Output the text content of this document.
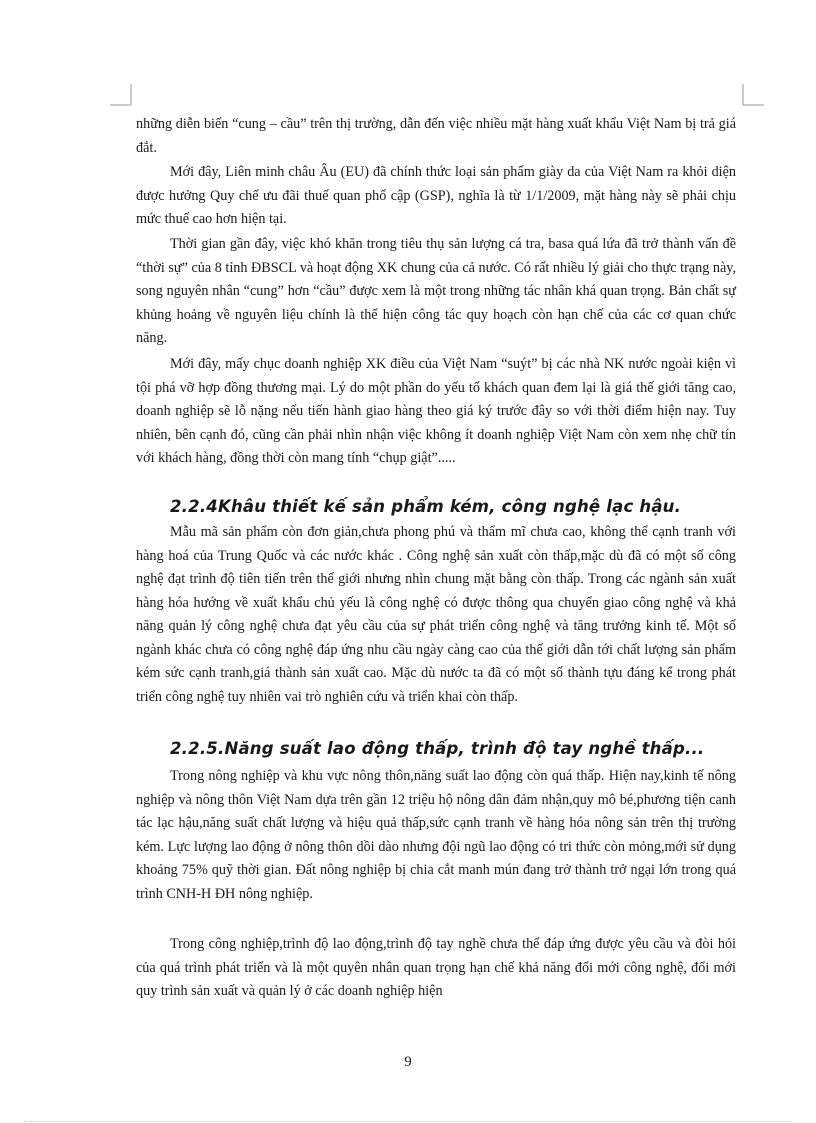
những diễn biến “cung – cầu” trên thị trường, dẫn đến việc nhiều mặt hàng xuất khẩu Việt Nam bị trả giá đắt.

Mới đây, Liên minh châu Âu (EU) đã chính thức loại sản phẩm giày da của Việt Nam ra khỏi diện được hưởng Quy chế ưu đãi thuế quan phổ cập (GSP), nghĩa là từ 1/1/2009, mặt hàng này sẽ phải chịu mức thuế cao hơn hiện tại.

Thời gian gần đây, việc khó khăn trong tiêu thụ sản lượng cá tra, basa quá lứa đã trở thành vấn đề “thời sự” của 8 tỉnh ĐBSCL và hoạt động XK chung của cả nước. Có rất nhiều lý giải cho thực trạng này, song nguyên nhân “cung” hơn “cầu” được xem là một trong những tác nhân khá quan trọng. Bản chất sự khủng hoảng về nguyên liệu chính là thể hiện công tác quy hoạch còn hạn chế của các cơ quan chức năng.

Mới đây, mấy chục doanh nghiệp XK điều của Việt Nam “suýt” bị các nhà NK nước ngoài kiện vì tội phá vỡ hợp đồng thương mại. Lý do một phần do yếu tố khách quan đem lại là giá thế giới tăng cao, doanh nghiệp sẽ lỗ nặng nếu tiến hành giao hàng theo giá ký trước đây so với thời điểm hiện nay. Tuy nhiên, bên cạnh đó, cũng cần phải nhìn nhận việc không ít doanh nghiệp Việt Nam còn xem nhẹ chữ tín với khách hàng, đồng thời còn mang tính “chụp giật”.....

2.2.4Khâu thiết kế sản phẩm kém, công nghệ lạc hậu.

Mẫu mã sản phẩm còn đơn giản,chưa phong phú và thẩm mĩ chưa cao, không thể cạnh tranh với hàng hoá của Trung Quốc và các nước khác . Công nghệ sản xuất còn thấp,mặc dù đã có một số công nghệ đạt trình độ tiên tiến trên thế giới nhưng nhìn chung mặt bằng còn thấp. Trong các ngành sản xuất hàng hóa hướng về xuất khẩu chủ yếu là công nghệ có được thông qua chuyển giao công nghệ và khả năng quản lý công nghệ chưa đạt yêu cầu của sự phát triển công nghệ và tăng trưởng kinh tế. Một số ngành khác chưa có công nghệ đáp ứng nhu cầu ngày càng cao của thế giới dẫn tới chất lượng sản phẩm kém sức cạnh tranh,giá thành sản xuất cao. Mặc dù nước ta đã có một số thành tựu đáng kể trong phát triển công nghệ tuy nhiên vai trò nghiên cứu và triển khai còn thấp.

2.2.5.Năng suất lao động thấp, trình độ tay nghề thấp...

Trong nông nghiệp và khu vực nông thôn,năng suất lao động còn quá thấp. Hiện nay,kinh tế nông nghiệp và nông thôn Việt Nam dựa trên gần 12 triệu hộ nông dân đảm nhận,quy mô bé,phương tiện canh tác lạc hậu,năng suất chất lượng và hiệu quả thấp,sức cạnh tranh về hàng hóa nông sản trên thị trường kém. Lực lượng lao động ở nông thôn dồi dào nhưng đội ngũ lao động có tri thức còn mỏng,mới sử dụng khoảng 75% quỹ thời gian. Đất nông nghiệp bị chia cắt manh mún đang trở thành trở ngại lớn trong quá trình CNH-H ĐH nông nghiệp.

Trong công nghiệp,trình độ lao động,trình độ tay nghề chưa thể đáp ứng được yêu cầu và đòi hỏi của quá trình phát triển và là một quyên nhân quan trọng hạn chế khả năng đổi mới công nghệ, đổi mới quy trình sản xuất và quản lý ở các doanh nghiệp hiện

9
